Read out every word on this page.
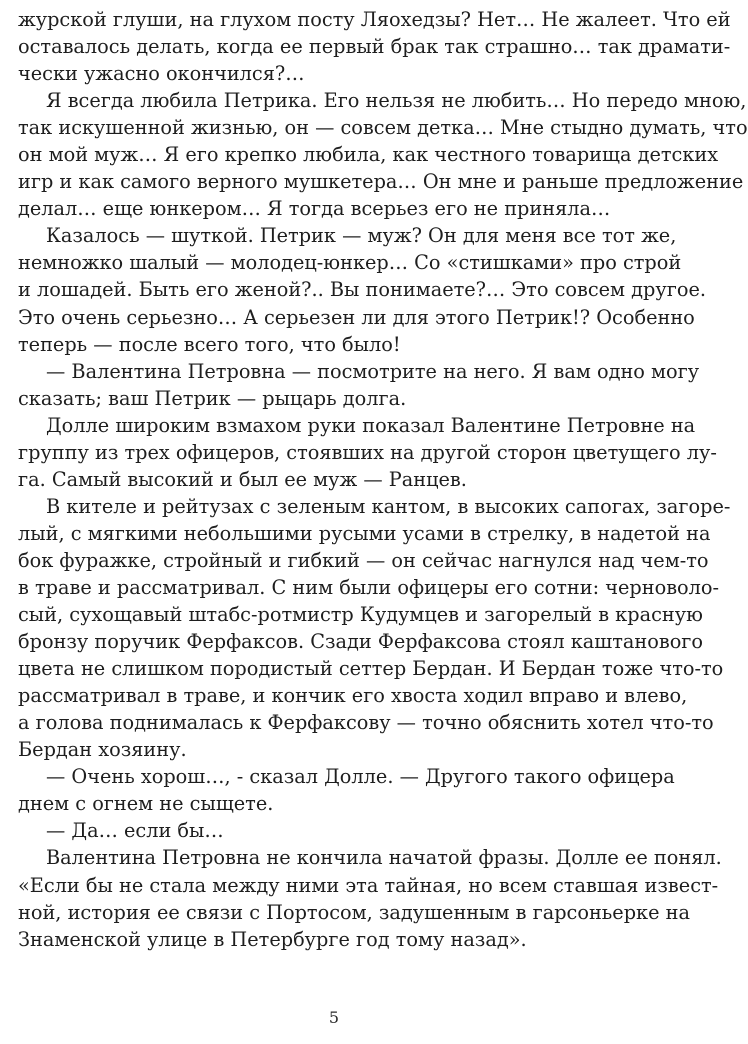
журской глуши, на глухом посту Ляохедзы? Нет… Не жалеет. Что ей
оставалось делать, когда ее первый брак так страшно… так драмати-
чески ужасно окончился?…
Я всегда любила Петрика. Его нельзя не любить… Но передо мною,
так искушенной жизнью, он — совсем детка… Мне стыдно думать, что
он мой муж… Я его крепко любила, как честного товарища детских
игр и как самого верного мушкетера… Он мне и раньше предложение
делал… еще юнкером… Я тогда всерьез его не приняла…
Казалось — шуткой. Петрик — муж? Он для меня все тот же,
немножко шалый — молодец-юнкер… Со «стишками» про строй
и лошадей. Быть его женой?.. Вы понимаете?… Это совсем другое.
Это очень серьезно… А серьезен ли для этого Петрик!? Особенно
теперь — после всего того, что было!
— Валентина Петровна — посмотрите на него. Я вам одно могу
сказать; ваш Петрик — рыцарь долга.
Долле широким взмахом руки показал Валентине Петровне на
группу из трех офицеров, стоявших на другой сторон цветущего лу-
га. Самый высокий и был ее муж — Ранцев.
В кителе и рейтузах с зеленым кантом, в высоких сапогах, загоре-
лый, с мягкими небольшими русыми усами в стрелку, в надетой на
бок фуражке, стройный и гибкий — он сейчас нагнулся над чем-то
в траве и рассматривал. С ним были офицеры его сотни: черноволо-
сый, сухощавый штабс-ротмистр Кудумцев и загорелый в красную
бронзу поручик Ферфаксов. Сзади Ферфаксова стоял каштанового
цвета не слишком породистый сеттер Бердан. И Бердан тоже что-то
рассматривал в траве, и кончик его хвоста ходил вправо и влево,
а голова поднималась к Ферфаксову — точно обяснить хотел что-то
Бердан хозяину.
— Очень хорош…, - сказал Долле. — Другого такого офицера
днем с огнем не сыщете.
— Да… если бы…
Валентина Петровна не кончила начатой фразы. Долле ее понял.
«Если бы не стала между ними эта тайная, но всем ставшая извест-
ной, история ее связи с Портосом, задушенным в гарсоньерке на
Знаменской улице в Петербурге год тому назад».
5
